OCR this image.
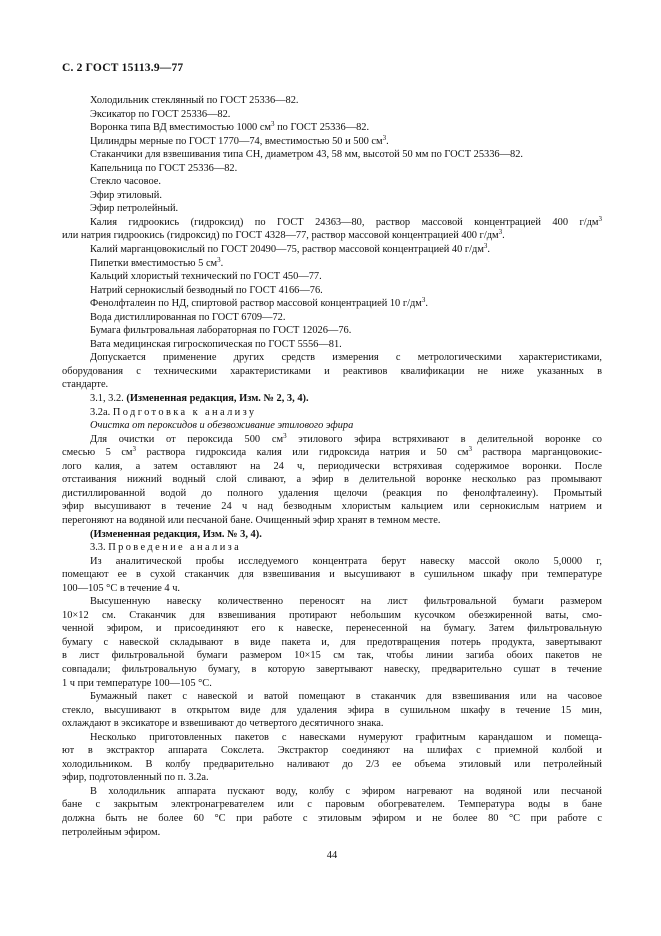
С. 2 ГОСТ 15113.9—77
Холодильник стеклянный по ГОСТ 25336—82.
Эксикатор по ГОСТ 25336—82.
Воронка типа ВД вместимостью 1000 $см^3$ по ГОСТ 25336—82.
Цилиндры мерные по ГОСТ 1770—74, вместимостью 50 и 500 $см^3$.
Стаканчики для взвешивания типа СН, диаметром 43, 58 мм, высотой 50 мм по ГОСТ 25336—82.
Капельница по ГОСТ 25336—82.
Стекло часовое.
Эфир этиловый.
Эфир петролейный.
Калия гидроокись (гидроксид) по ГОСТ 24363—80, раствор массовой концентрацией 400 $г/дм^3$
или натрия гидроокись (гидроксид) по ГОСТ 4328—77, раствор массовой концентрацией 400 $г/дм^3$.
Калий марганцовокислый по ГОСТ 20490—75, раствор массовой концентрацией 40 $г/дм^3$.
Пипетки вместимостью 5 $см^3$.
Кальций хлористый технический по ГОСТ 450—77.
Натрий сернокислый безводный по ГОСТ 4166—76.
Фенолфталеин по НД, спиртовой раствор массовой концентрацией 10 $г/дм^3$.
Вода дистиллированная по ГОСТ 6709—72.
Бумага фильтровальная лабораторная по ГОСТ 12026—76.
Вата медицинская гигроскопическая по ГОСТ 5556—81.
Допускается применение других средств измерения с метрологическими характеристиками,
оборудования с техническими характеристиками и реактивов квалификации не ниже указанных в
стандарте.
3.1, 3.2. (Измененная редакция, Изм. № 2, 3, 4).
3.2а. Подготовка к анализу
Очистка от пероксидов и обезвоживание этилового эфира
Для очистки от пероксида 500 $см^3$ этилового эфира встряхивают в делительной воронке со
смесью 5 $см^3$ раствора гидроксида калия или гидроксида натрия и 50 $см^3$ раствора марганцовокис-
лого калия, а затем оставляют на 24 ч, периодически встряхивая содержимое воронки. После
отстаивания нижний водный слой сливают, а эфир в делительной воронке несколько раз промывают
дистиллированной водой до полного удаления щелочи (реакция по фенолфталеину). Промытый
эфир высушивают в течение 24 ч над безводным хлористым кальцием или сернокислым натрием и
перегоняют на водяной или песчаной бане. Очищенный эфир хранят в темном месте.
(Измененная редакция, Изм. № 3, 4).
3.3. Проведение анализа
Из аналитической пробы исследуемого концентрата берут навеску массой около 5,0000 г,
помещают ее в сухой стаканчик для взвешивания и высушивают в сушильном шкафу при температуре
100—105 °С в течение 4 ч.
Высушенную навеску количественно переносят на лист фильтровальной бумаги размером
10×12 см. Стаканчик для взвешивания протирают небольшим кусочком обезжиренной ваты, смо-
ченной эфиром, и присоединяют его к навеске, перенесенной на бумагу. Затем фильтровальную
бумагу с навеской складывают в виде пакета и, для предотвращения потерь продукта, завертывают
в лист фильтровальной бумаги размером 10×15 см так, чтобы линии загиба обоих пакетов не
совпадали; фильтровальную бумагу, в которую завертывают навеску, предварительно сушат в течение
1 ч при температуре 100—105 °С.
Бумажный пакет с навеской и ватой помещают в стаканчик для взвешивания или на часовое
стекло, высушивают в открытом виде для удаления эфира в сушильном шкафу в течение 15 мин,
охлаждают в эксикаторе и взвешивают до четвертого десятичного знака.
Несколько приготовленных пакетов с навесками нумеруют графитным карандашом и помеща-
ют в экстрактор аппарата Сокслета. Экстрактор соединяют на шлифах с приемной колбой и
холодильником. В колбу предварительно наливают до 2/3 ее объема этиловый или петролейный
эфир, подготовленный по п. 3.2а.
В холодильник аппарата пускают воду, колбу с эфиром нагревают на водяной или песчаной
бане с закрытым электронагревателем или с паровым обогревателем. Температура воды в бане
должна быть не более 60 °С при работе с этиловым эфиром и не более 80 °С при работе с
петролейным эфиром.
44
